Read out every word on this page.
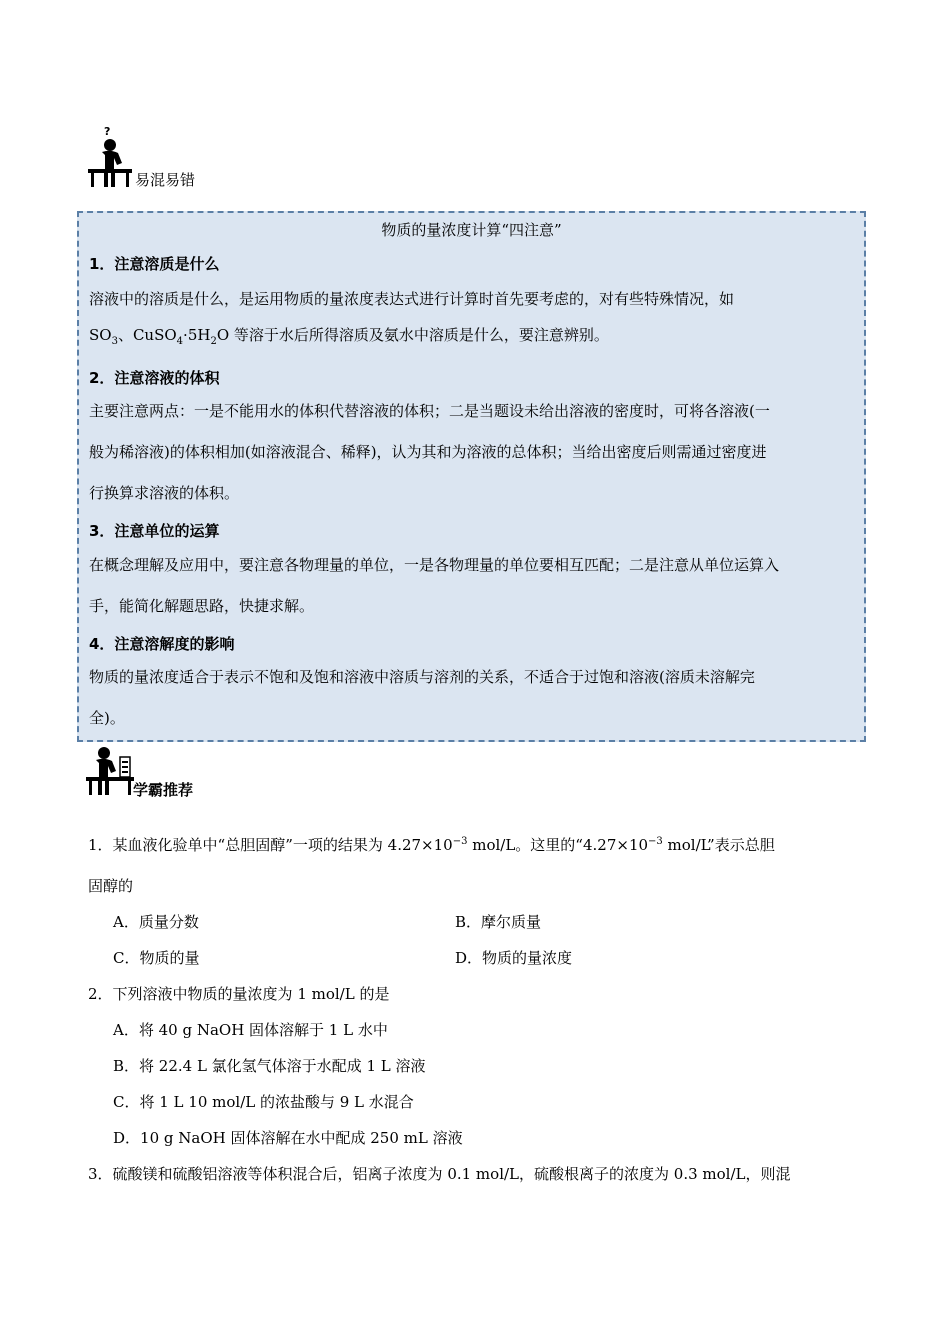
?
易混易错
物质的量浓度计算“四注意”
1．注意溶质是什么
溶液中的溶质是什么，是运用物质的量浓度表达式进行计算时首先要考虑的，对有些特殊情况，如
$SO_3$、$CuSO_4\cdot 5H_2O$ 等溶于水后所得溶质及氨水中溶质是什么，要注意辨别。
2．注意溶液的体积
主要注意两点：一是不能用水的体积代替溶液的体积；二是当题设未给出溶液的密度时，可将各溶液(一
般为稀溶液)的体积相加(如溶液混合、稀释)，认为其和为溶液的总体积；当给出密度后则需通过密度进
行换算求溶液的体积。
3．注意单位的运算
在概念理解及应用中，要注意各物理量的单位，一是各物理量的单位要相互匹配；二是注意从单位运算入
手，能简化解题思路，快捷求解。
4．注意溶解度的影响
物质的量浓度适合于表示不饱和及饱和溶液中溶质与溶剂的关系，不适合于过饱和溶液(溶质未溶解完
全)。
学霸推荐
1．某血液化验单中“总胆固醇”一项的结果为 $4.27\times 10^{-3}$ mol/L。这里的“$4.27\times 10^{-3}$ mol/L”表示总胆
固醇的
A．质量分数	B．摩尔质量
C．物质的量	D．物质的量浓度
2．下列溶液中物质的量浓度为 1 mol/L 的是
A．将 40 g NaOH 固体溶解于 1 L 水中
B．将 22.4 L 氯化氢气体溶于水配成 1 L 溶液
C．将 1 L 10 mol/L 的浓盐酸与 9 L 水混合
D．10 g NaOH 固体溶解在水中配成 250 mL 溶液
3．硫酸镁和硫酸铝溶液等体积混合后，铝离子浓度为 0.1 mol/L，硫酸根离子的浓度为 0.3 mol/L，则混
